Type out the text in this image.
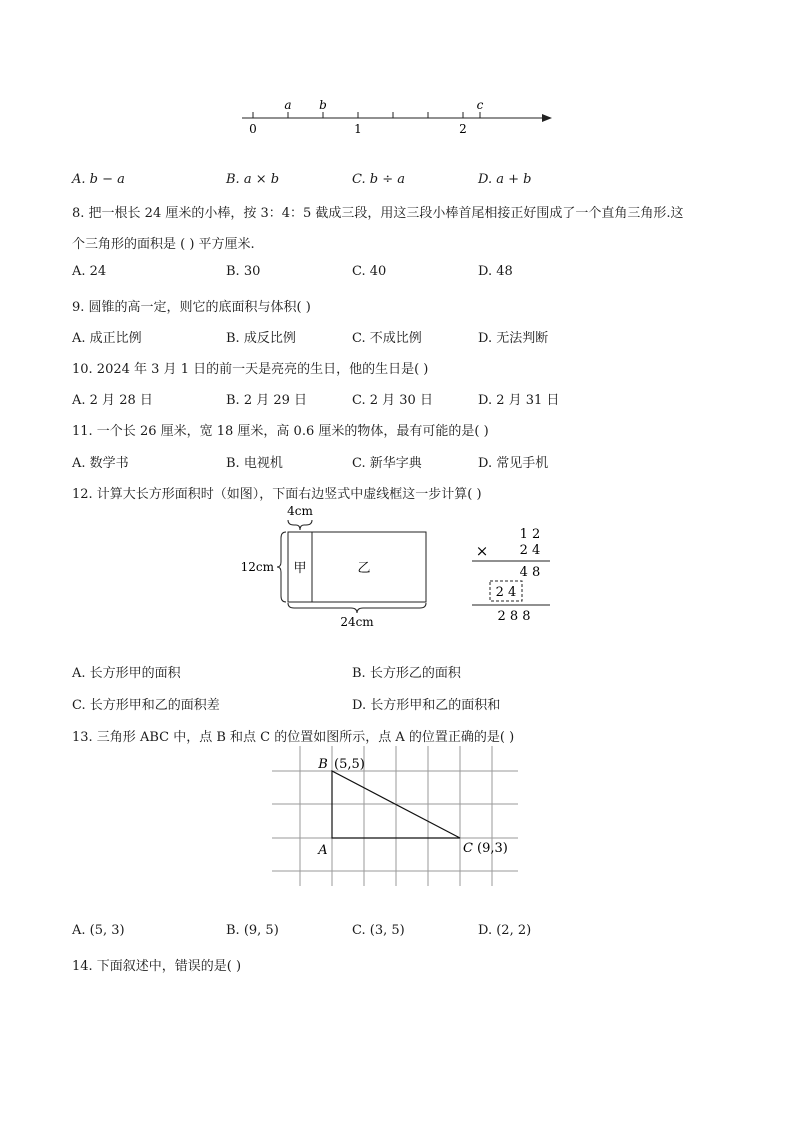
a b	c
0	1	2
A. b − a	B. a × b	C. b ÷ a	D. a + b
8. 把一根长 24 厘米的小棒，按 3：4：5 截成三段，用这三段小棒首尾相接正好围成了一个直角三角形.这
个三角形的面积是 ( ) 平方厘米.
A. 24	B. 30	C. 40	D. 48
9. 圆锥的高一定，则它的底面积与体积( )
A. 成正比例	B. 成反比例	C. 不成比例	D. 无法判断
10. 2024 年 3 月 1 日的前一天是亮亮的生日，他的生日是( )
A. 2 月 28 日	B. 2 月 29 日	C. 2 月 30 日	D. 2 月 31 日
11. 一个长 26 厘米，宽 18 厘米，高 0.6 厘米的物体，最有可能的是( )
A. 数学书	B. 电视机	C. 新华字典	D. 常见手机
12. 计算大长方形面积时（如图），下面右边竖式中虚线框这一步计算( )
4cm
甲	乙
12cm
24cm
1 2
× 2 4
4 8
2 4
2 8 8
A. 长方形甲的面积	B. 长方形乙的面积
C. 长方形甲和乙的面积差	D. 长方形甲和乙的面积和
13. 三角形 ABC 中，点 B 和点 C 的位置如图所示，点 A 的位置正确的是( )
B (5,5)
A	C (9,3)
A. (5, 3)	B. (9, 5)	C. (3, 5)	D. (2, 2)
14. 下面叙述中，错误的是( )
